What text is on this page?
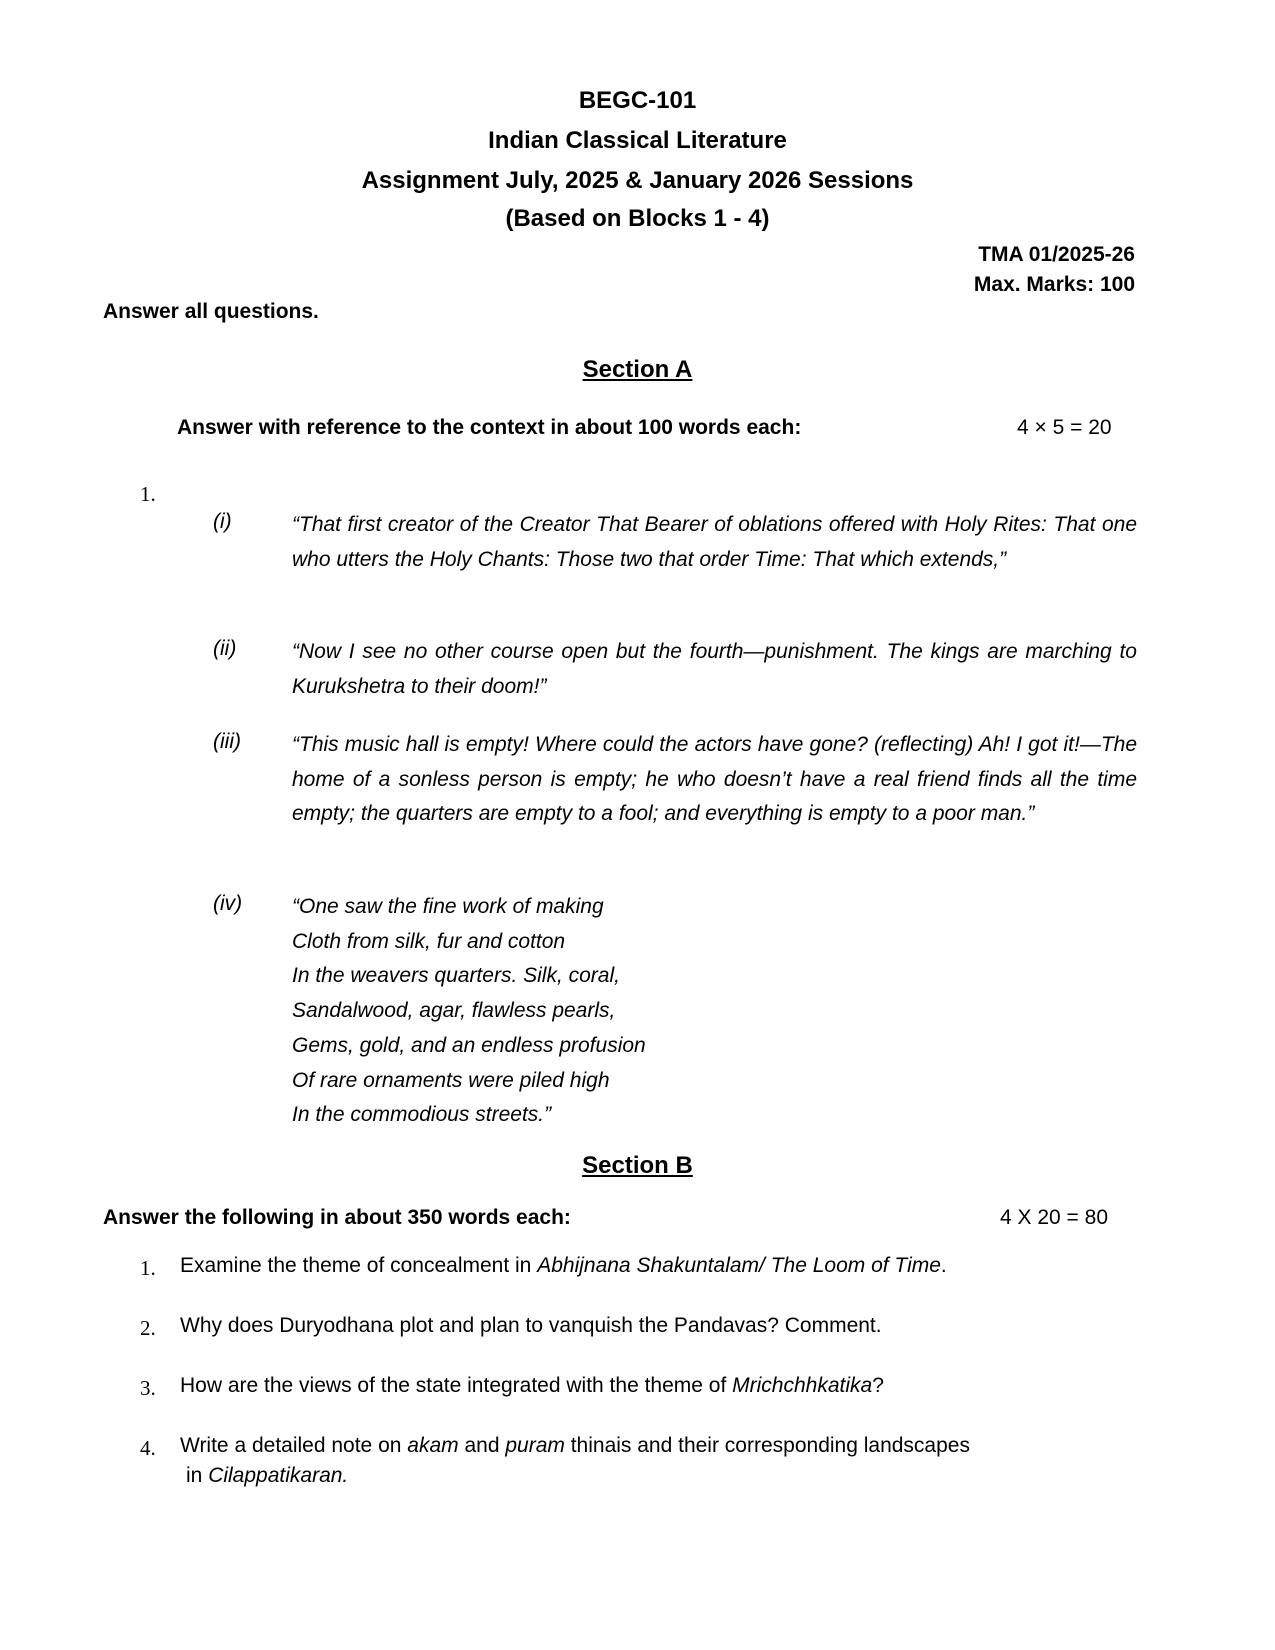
BEGC-101
Indian Classical Literature
Assignment July, 2025 & January 2026 Sessions
(Based on Blocks 1 - 4)
TMA 01/2025-26
Max. Marks: 100
Answer all questions.
Section A
Answer with reference to the context in about 100 words each:	4 × 5 = 20
1.
(i)	“That first creator of the Creator That Bearer of oblations offered with Holy Rites: That one who utters the Holy Chants: Those two that order Time: That which extends,”
(ii)	“Now I see no other course open but the fourth—punishment. The kings are marching to Kurukshetra to their doom!”
(iii) “This music hall is empty! Where could the actors have gone? (reflecting) Ah! I got it!—The home of a sonless person is empty; he who doesn’t have a real friend finds all the time empty; the quarters are empty to a fool; and everything is empty to a poor man.”
(iv) “One saw the fine work of making
Cloth from silk, fur and cotton
In the weavers quarters. Silk, coral,
Sandalwood, agar, flawless pearls,
Gems, gold, and an endless profusion
Of rare ornaments were piled high
In the commodious streets.”
Section B
Answer the following in about 350 words each:	4 X 20 = 80
1. Examine the theme of concealment in Abhijnana Shakuntalam/ The Loom of Time.
2. Why does Duryodhana plot and plan to vanquish the Pandavas? Comment.
3. How are the views of the state integrated with the theme of Mrichchhkatika?
4. Write a detailed note on akam and puram thinais and their corresponding landscapes
in Cilappatikaran.
